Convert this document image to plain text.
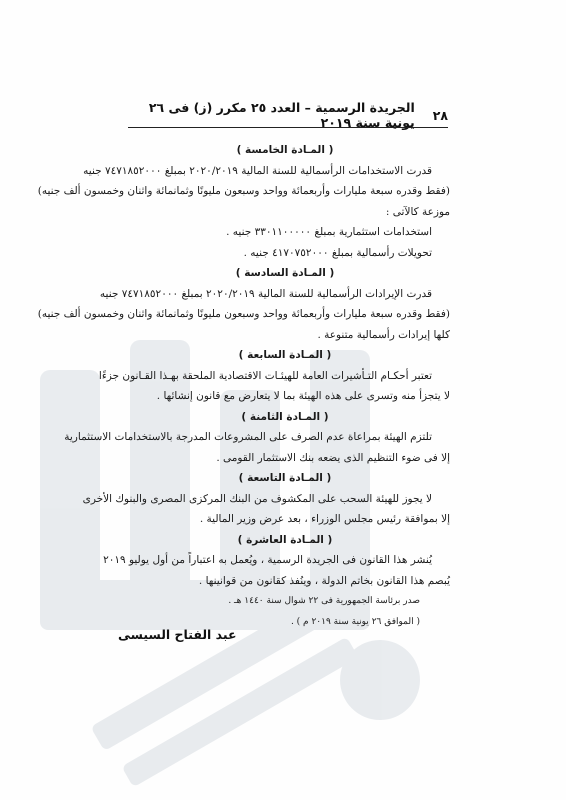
٢٨
الجريدة الرسمية – العدد ٢٥ مكرر (ز) فى ٢٦ يونية سنة ٢٠١٩
( المـادة الخامسة )
قدرت الاستخدامات الرأسمالية للسنة المالية ٢٠٢٠/٢٠١٩ بمبلغ ٧٤٧١٨٥٢٠٠٠ جنيه
(فقط وقدره سبعة مليارات وأربعمائة وواحد وسبعون مليونًا وثمانمائة واثنان وخمسون ألف جنيه)
موزعة كالآتى :
استخدامات استثمارية بمبلغ ٣٣٠١١٠٠٠٠٠ جنيه .
تحويلات رأسمالية بمبلغ ٤١٧٠٧٥٢٠٠٠ جنيه .
( المـادة السادسة )
قدرت الإيرادات الرأسمالية للسنة المالية ٢٠٢٠/٢٠١٩ بمبلغ ٧٤٧١٨٥٢٠٠٠ جنيه
(فقط وقدره سبعة مليارات وأربعمائة وواحد وسبعون مليونًا وثمانمائة واثنان وخمسون ألف جنيه)
كلها إيرادات رأسمالية متنوعة .
( المـادة السابعة )
تعتبر أحكـام التـأشيرات العامة للهيئـات الاقتصادية الملحقة بهـذا القـانون جزءًا
لا يتجزأ منه وتسرى على هذه الهيئة بما لا يتعارض مع قانون إنشائها .
( المـادة الثامنة )
تلتزم الهيئة بمراعاة عدم الصرف على المشروعات المدرجة بالاستخدامات الاستثمارية
إلا فى ضوء التنظيم الذى يضعه بنك الاستثمار القومى .
( المـادة التاسعة )
لا يجوز للهيئة السحب على المكشوف من البنك المركزى المصرى والبنوك الأخرى
إلا بموافقة رئيس مجلس الوزراء ، بعد عرض وزير المالية .
( المـادة العاشرة )
يُنشر هذا القانون فى الجريدة الرسمية ، ويُعمل به اعتباراً من أول يوليو ٢٠١٩
يُبصم هذا القانون بخاتم الدولة ، وينُفذ كقانون من قوانينها .
صدر برئاسة الجمهورية فى ٢٢ شوال سنة ١٤٤٠ هـ .
( الموافق ٢٦ يونية سنة ٢٠١٩ م ) .
عبد الفتاح السيسى
